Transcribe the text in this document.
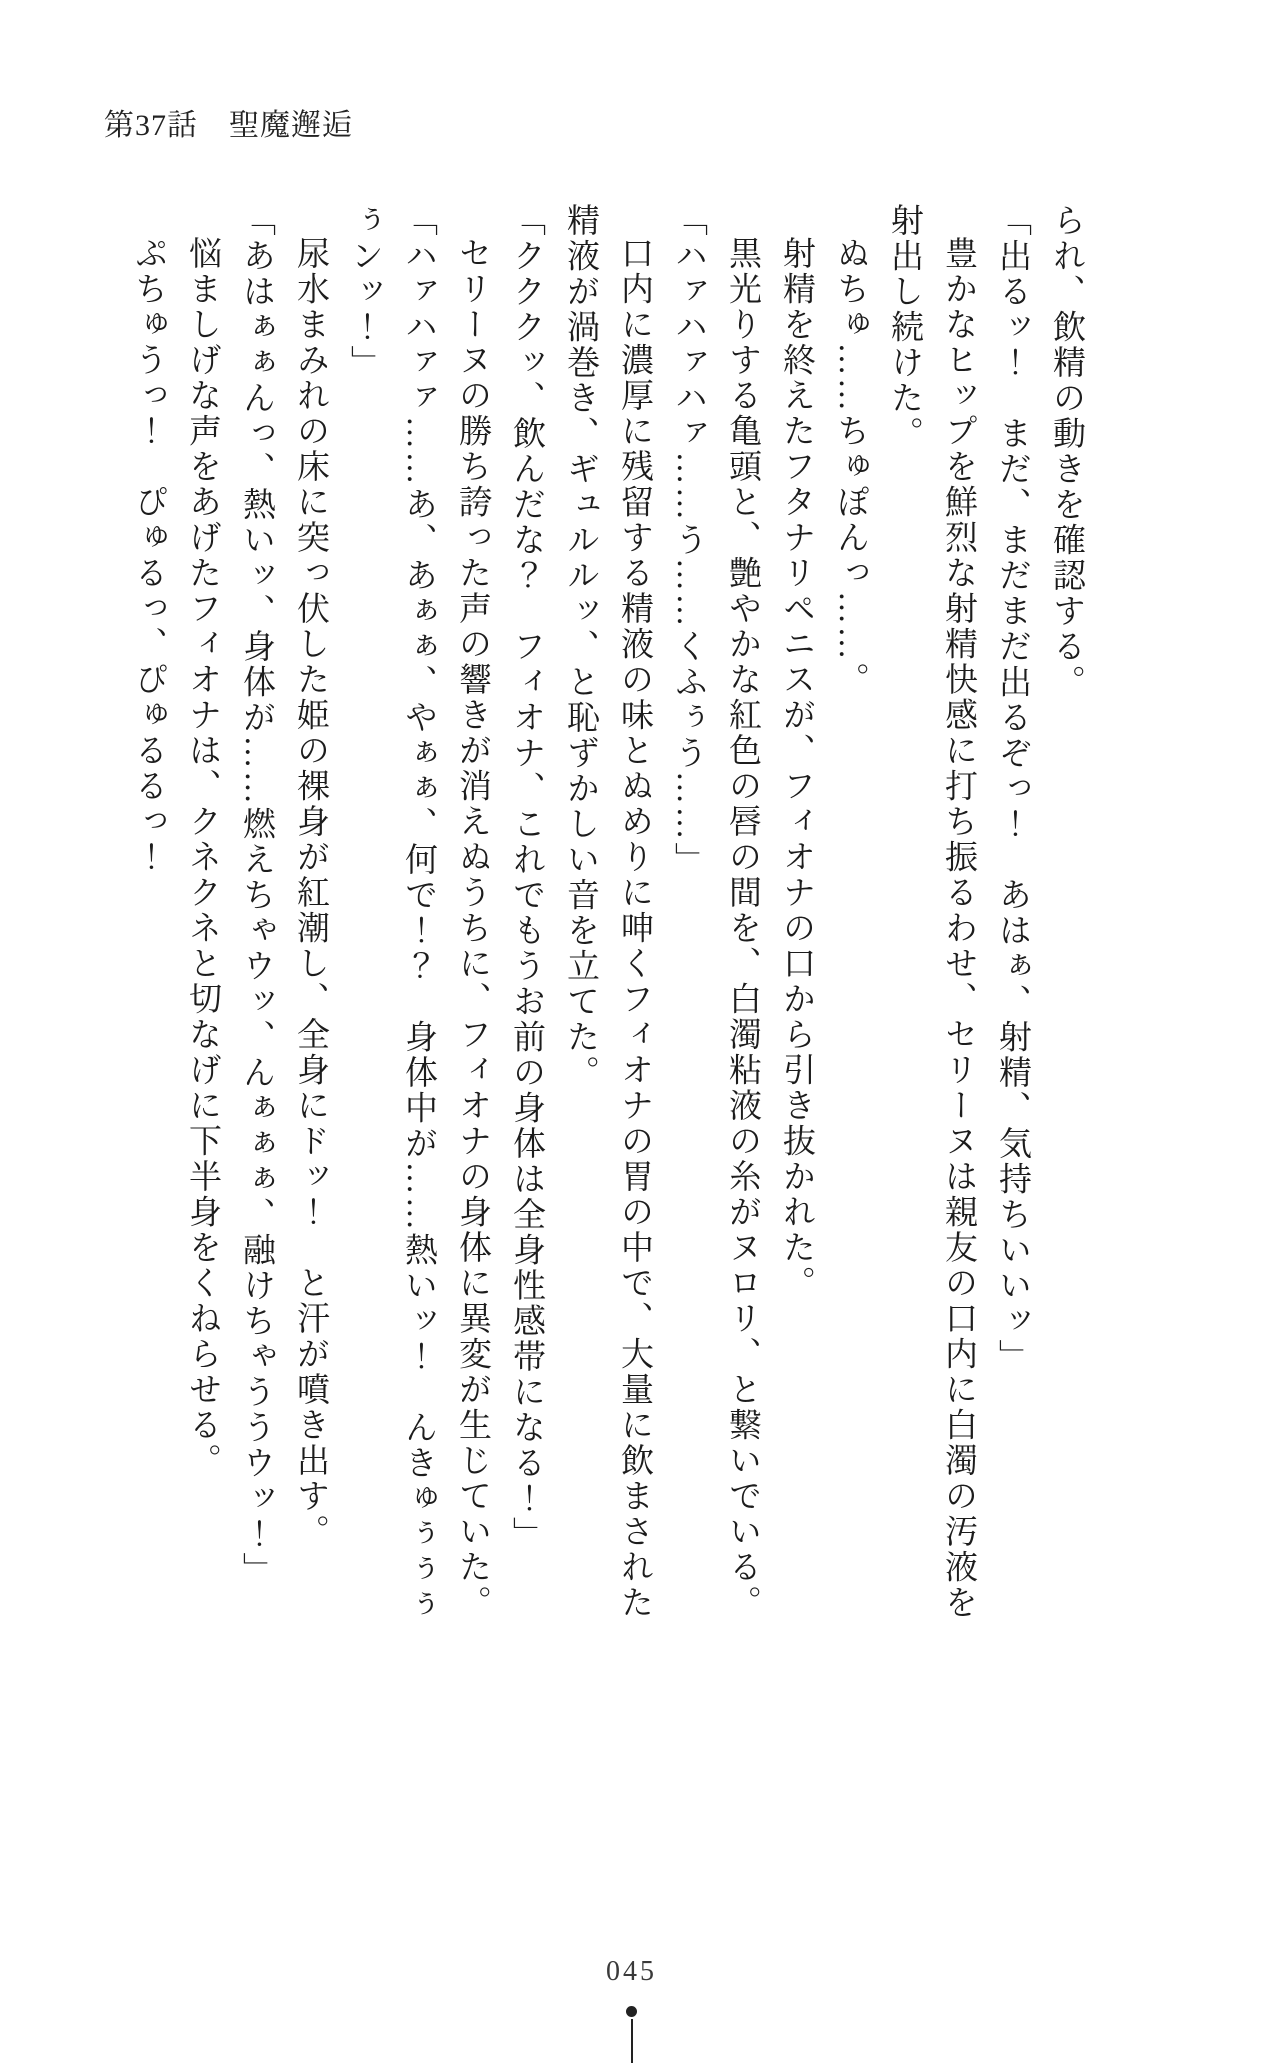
第37話　聖魔邂逅

られ、飲精の動きを確認する。

「出るッ！　まだ、まだまだ出るぞっ！　あはぁ、射精、気持ちいいッ」

豊かなヒップを鮮烈な射精快感に打ち振るわせ、セリーヌは親友の口内に白濁の汚液を射出し続けた。

ぬちゅ……ちゅぽんっ……。

射精を終えたフタナリペニスが、フィオナの口から引き抜かれた。

黒光りする亀頭と、艶やかな紅色の唇の間を、白濁粘液の糸がヌロリ、と繋いでいる。

「ハァハァハァ……う……くふぅう……」

口内に濃厚に残留する精液の味とぬめりに呻くフィオナの胃の中で、大量に飲まされた精液が渦巻き、ギュルルッ、と恥ずかしい音を立てた。

「クククッ、飲んだな？　フィオナ、これでもうお前の身体は全身性感帯になる！」

セリーヌの勝ち誇った声の響きが消えぬうちに、フィオナの身体に異変が生じていた。

「ハァハァァ……あ、あぁぁ、やぁぁ、何で！？　身体中が……熱いッ！　んきゅぅぅぅぅンッ！」

尿水まみれの床に突っ伏した姫の裸身が紅潮し、全身にドッ！　と汗が噴き出す。

「あはぁぁんっ、熱いッ、身体が……燃えちゃウッ、んぁぁぁ、融けちゃううウッ！」

悩ましげな声をあげたフィオナは、クネクネと切なげに下半身をくねらせる。

ぷちゅうっ！　ぴゅるっ、ぴゅるるっ！

045
